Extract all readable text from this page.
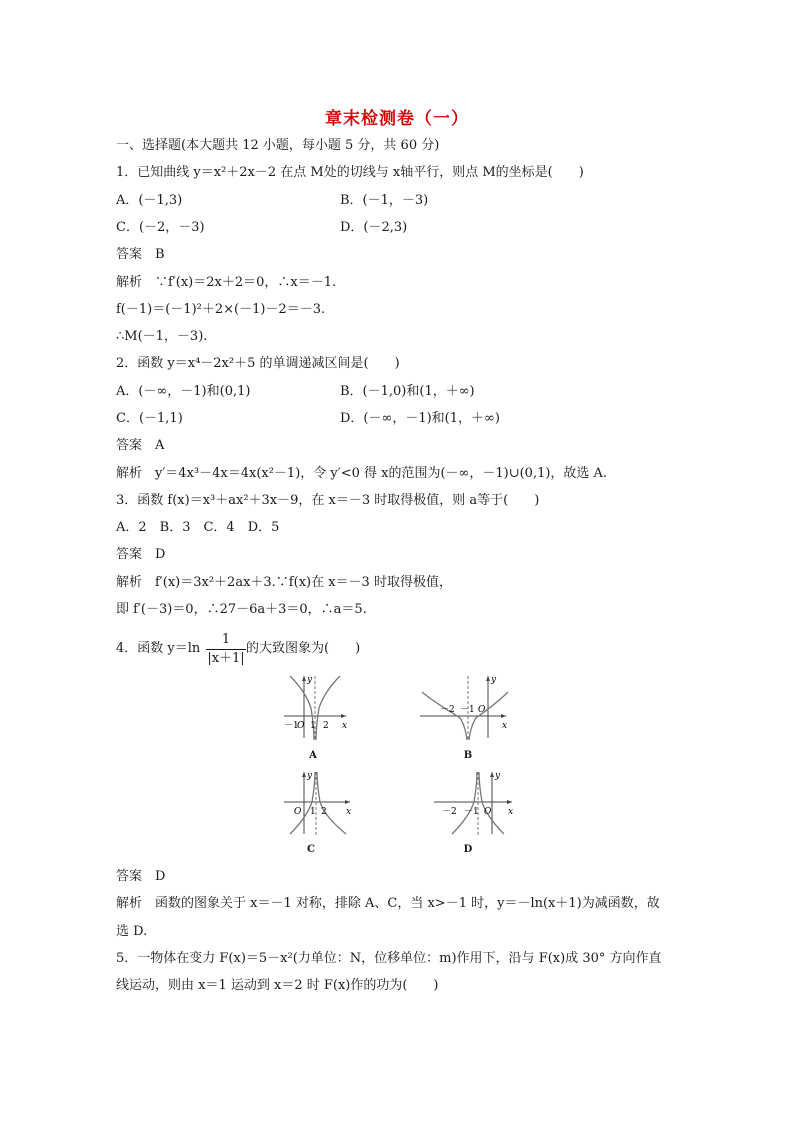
章末检测卷（一）
一、选择题(本大题共 12 小题，每小题 5 分，共 60 分)
1．已知曲线 y＝x²＋2x－2 在点 M处的切线与 x轴平行，则点 M的坐标是(　　)
A．(－1,3)	B．(－1，－3)
C．(－2，－3)	D．(－2,3)
答案　B
解析　∵f′(x)＝2x＋2＝0，∴x＝－1.
f(－1)＝(－1)²＋2×(－1)－2＝－3.
∴M(－1，－3).
2．函数 y＝x⁴－2x²＋5 的单调递减区间是(　　)
A．(－∞，－1)和(0,1)	B．(－1,0)和(1，＋∞)
C．(－1,1)	D．(－∞，－1)和(1，＋∞)
答案　A
解析　y′＝4x³－4x＝4x(x²－1)，令 y′<0 得 x的范围为(－∞，－1)∪(0,1)，故选 A.
3．函数 f(x)＝x³＋ax²＋3x－9，在 x＝－3 时取得极值，则 a等于(　　)
A．2　B．3　C．4　D．5
答案　D
解析　f′(x)＝3x²＋2ax＋3.∵f(x)在 x＝－3 时取得极值，
即 f′(－3)＝0，∴27－6a＋3＝0，∴a＝5.
4．函数 y＝ln
1
|x＋1|
的大致图象为(　　)
－1
O 1 2 x
y
A
－2 －1 O
x
y
B
O 1 2 x
y
C
－2 －1 O x
y
D
答案　D
解析　函数的图象关于 x＝－1 对称，排除 A、C，当 x>－1 时，y＝－ln(x＋1)为减函数，故
选 D.
5．一物体在变力 F(x)＝5－x²(力单位：N，位移单位：m)作用下，沿与 F(x)成 30° 方向作直
线运动，则由 x＝1 运动到 x＝2 时 F(x)作的功为(　　)
